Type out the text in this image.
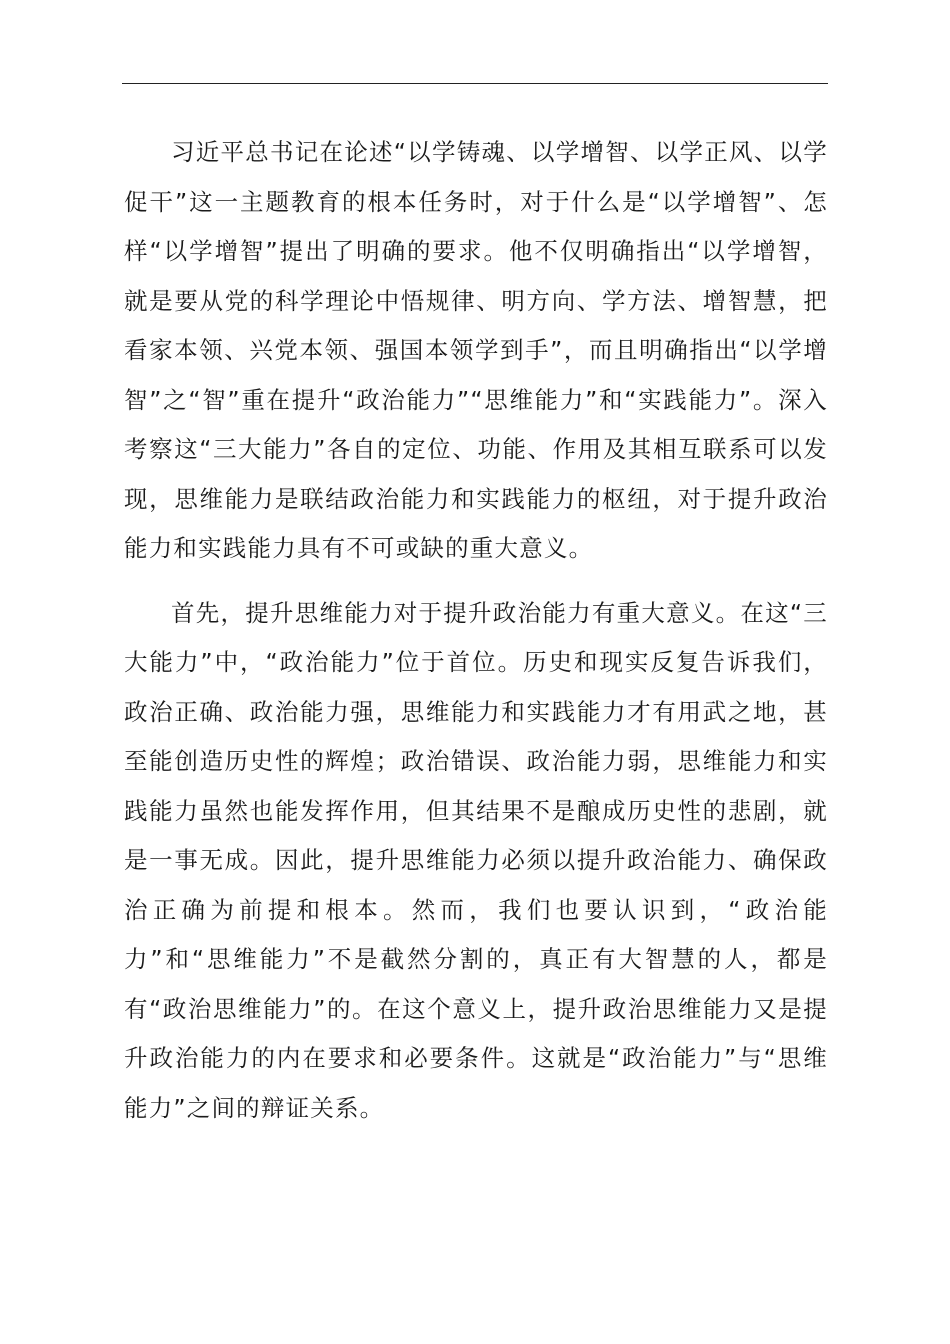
习近平总书记在论述“以学铸魂、以学增智、以学正风、以学促干”这一主题教育的根本任务时，对于什么是“以学增智”、怎样“以学增智”提出了明确的要求。他不仅明确指出“以学增智，就是要从党的科学理论中悟规律、明方向、学方法、增智慧，把看家本领、兴党本领、强国本领学到手”，而且明确指出“以学增智”之“智”重在提升“政治能力”“思维能力”和“实践能力”。深入考察这“三大能力”各自的定位、功能、作用及其相互联系可以发现，思维能力是联结政治能力和实践能力的枢纽，对于提升政治能力和实践能力具有不可或缺的重大意义。

首先，提升思维能力对于提升政治能力有重大意义。在这“三大能力”中，“政治能力”位于首位。历史和现实反复告诉我们，政治正确、政治能力强，思维能力和实践能力才有用武之地，甚至能创造历史性的辉煌；政治错误、政治能力弱，思维能力和实践能力虽然也能发挥作用，但其结果不是酿成历史性的悲剧，就是一事无成。因此，提升思维能力必须以提升政治能力、确保政治正确为前提和根本。然而，我们也要认识到，“政治能力”和“思维能力”不是截然分割的，真正有大智慧的人，都是有“政治思维能力”的。在这个意义上，提升政治思维能力又是提升政治能力的内在要求和必要条件。这就是“政治能力”与“思维能力”之间的辩证关系。
